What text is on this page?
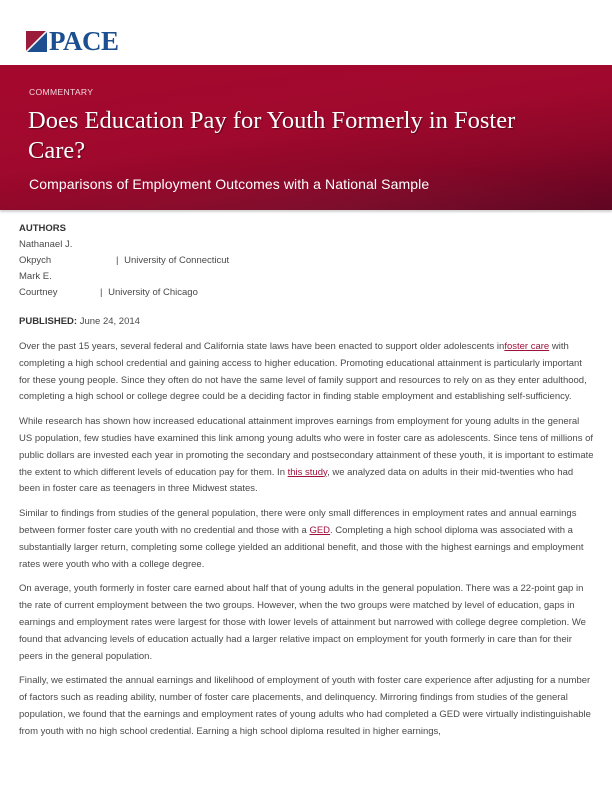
PACE
COMMENTARY
Does Education Pay for Youth Formerly in Foster Care?
Comparisons of Employment Outcomes with a National Sample
AUTHORS
Nathanael J.
Okpych	| University of Connecticut
Mark E.
Courtney	| University of Chicago
PUBLISHED: June 24, 2014

Over the past 15 years, several federal and California state laws have been enacted to support older adolescents infoster care with completing a high school credential and gaining access to higher education. Promoting educational attainment is particularly important for these young people. Since they often do not have the same level of family support and resources to rely on as they enter adulthood, completing a high school or college degree could be a deciding factor in finding stable employment and establishing self-sufficiency.

While research has shown how increased educational attainment improves earnings from employment for young adults in the general US population, few studies have examined this link among young adults who were in foster care as adolescents. Since tens of millions of public dollars are invested each year in promoting the secondary and postsecondary attainment of these youth, it is important to estimate the extent to which different levels of education pay for them. In this study, we analyzed data on adults in their mid-twenties who had been in foster care as teenagers in three Midwest states.

Similar to findings from studies of the general population, there were only small differences in employment rates and annual earnings between former foster care youth with no credential and those with a GED. Completing a high school diploma was associated with a substantially larger return, completing some college yielded an additional benefit, and those with the highest earnings and employment rates were youth who with a college degree.

On average, youth formerly in foster care earned about half that of young adults in the general population. There was a 22-point gap in the rate of current employment between the two groups. However, when the two groups were matched by level of education, gaps in earnings and employment rates were largest for those with lower levels of attainment but narrowed with college degree completion. We found that advancing levels of education actually had a larger relative impact on employment for youth formerly in care than for their peers in the general population.

Finally, we estimated the annual earnings and likelihood of employment of youth with foster care experience after adjusting for a number of factors such as reading ability, number of foster care placements, and delinquency. Mirroring findings from studies of the general population, we found that the earnings and employment rates of young adults who had completed a GED were virtually indistinguishable from youth with no high school credential. Earning a high school diploma resulted in higher earnings,
